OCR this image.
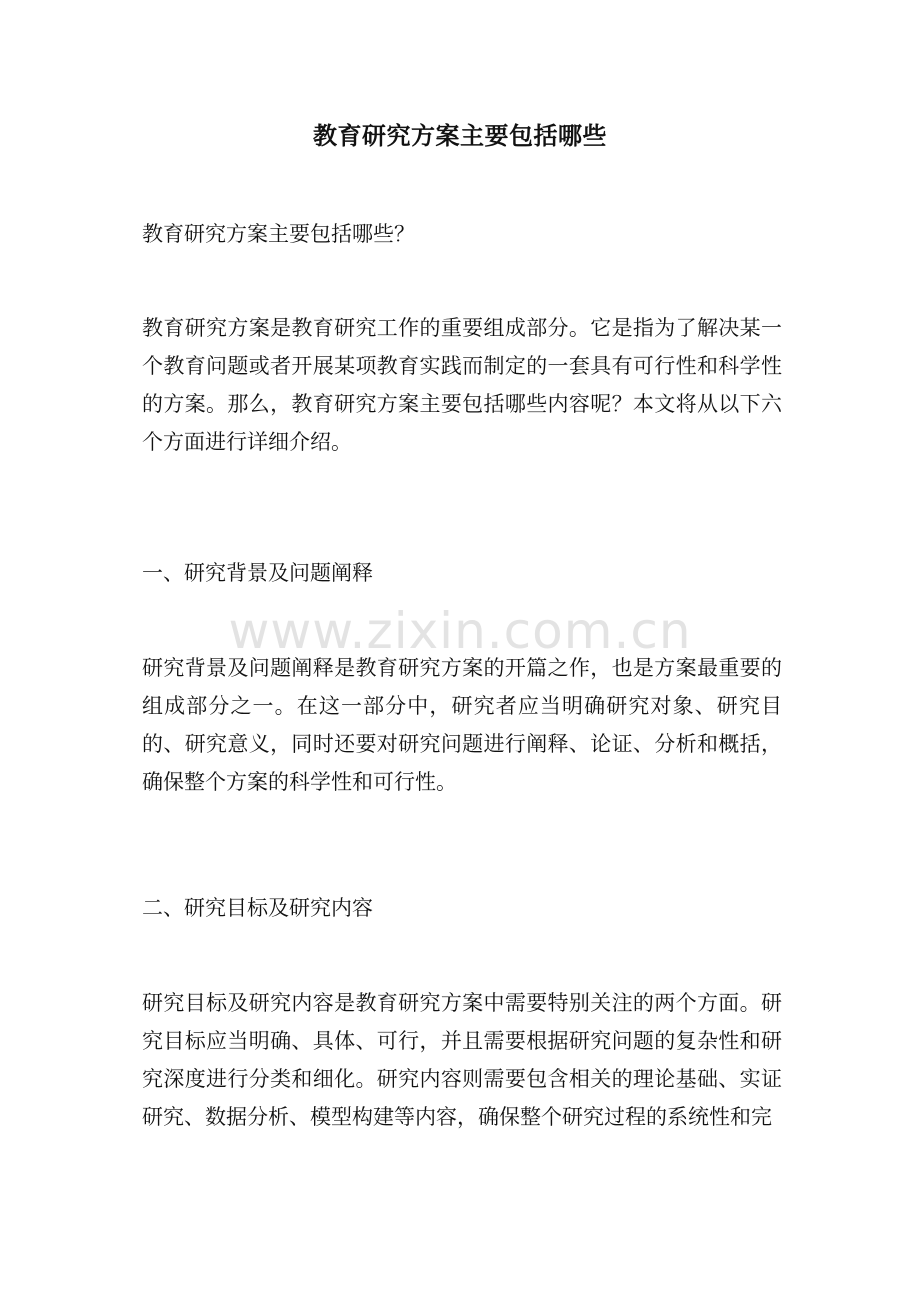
教育研究方案主要包括哪些

教育研究方案主要包括哪些？

教育研究方案是教育研究工作的重要组成部分。它是指为了解决某一个教育问题或者开展某项教育实践而制定的一套具有可行性和科学性的方案。那么，教育研究方案主要包括哪些内容呢？本文将从以下六个方面进行详细介绍。

一、研究背景及问题阐释

研究背景及问题阐释是教育研究方案的开篇之作，也是方案最重要的组成部分之一。在这一部分中，研究者应当明确研究对象、研究目的、研究意义，同时还要对研究问题进行阐释、论证、分析和概括，确保整个方案的科学性和可行性。

二、研究目标及研究内容

研究目标及研究内容是教育研究方案中需要特别关注的两个方面。研究目标应当明确、具体、可行，并且需要根据研究问题的复杂性和研究深度进行分类和细化。研究内容则需要包含相关的理论基础、实证研究、数据分析、模型构建等内容，确保整个研究过程的系统性和完

www.zixin.com.cn
